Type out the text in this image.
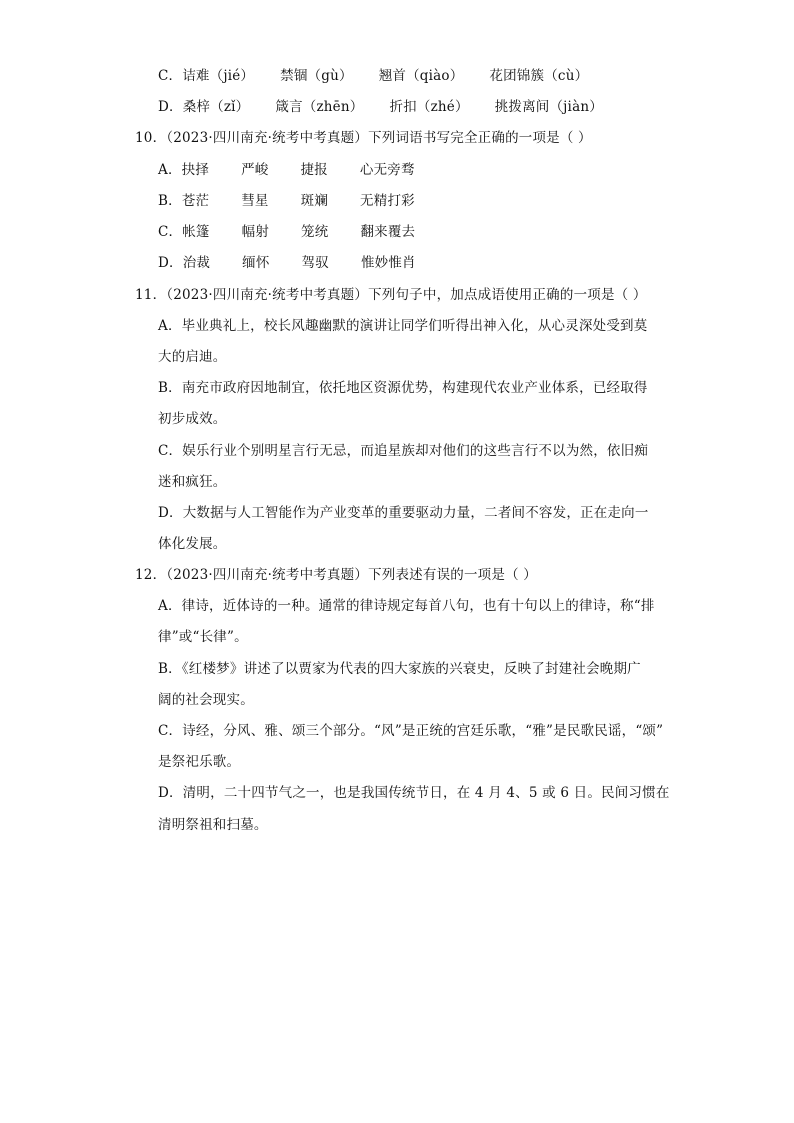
C．诘难（jié） 禁锢（gù） 翘首（qiào） 花团锦簇（cù）
D．桑梓（zǐ） 箴言（zhēn） 折扣（zhé） 挑拨离间（jiàn）
10．（2023·四川南充·统考中考真题）下列词语书写完全正确的一项是（ ）
A．抉择 严峻 捷报 心无旁骛
B．苍茫 彗星 斑斓 无精打彩
C．帐篷 幅射 笼统 翻来覆去
D．治裁 缅怀 驾驭 惟妙惟肖
11．（2023·四川南充·统考中考真题）下列句子中，加点成语使用正确的一项是（ ）
A．毕业典礼上，校长风趣幽默的演讲让同学们听得出神入化，从心灵深处受到莫
大的启迪。
B．南充市政府因地制宜，依托地区资源优势，构建现代农业产业体系，已经取得
初步成效。
C．娱乐行业个别明星言行无忌，而追星族却对他们的这些言行不以为然，依旧痴
迷和疯狂。
D．大数据与人工智能作为产业变革的重要驱动力量，二者间不容发，正在走向一
体化发展。
12．（2023·四川南充·统考中考真题）下列表述有误的一项是（ ）
A．律诗，近体诗的一种。通常的律诗规定每首八句，也有十句以上的律诗，称“排
律”或“长律”。
B．《红楼梦》讲述了以贾家为代表的四大家族的兴衰史，反映了封建社会晚期广
阔的社会现实。
C．诗经，分风、雅、颂三个部分。“风”是正统的宫廷乐歌，“雅”是民歌民谣，“颂”
是祭祀乐歌。
D．清明，二十四节气之一，也是我国传统节日，在 4 月 4、5 或 6 日。民间习惯在
清明祭祖和扫墓。
